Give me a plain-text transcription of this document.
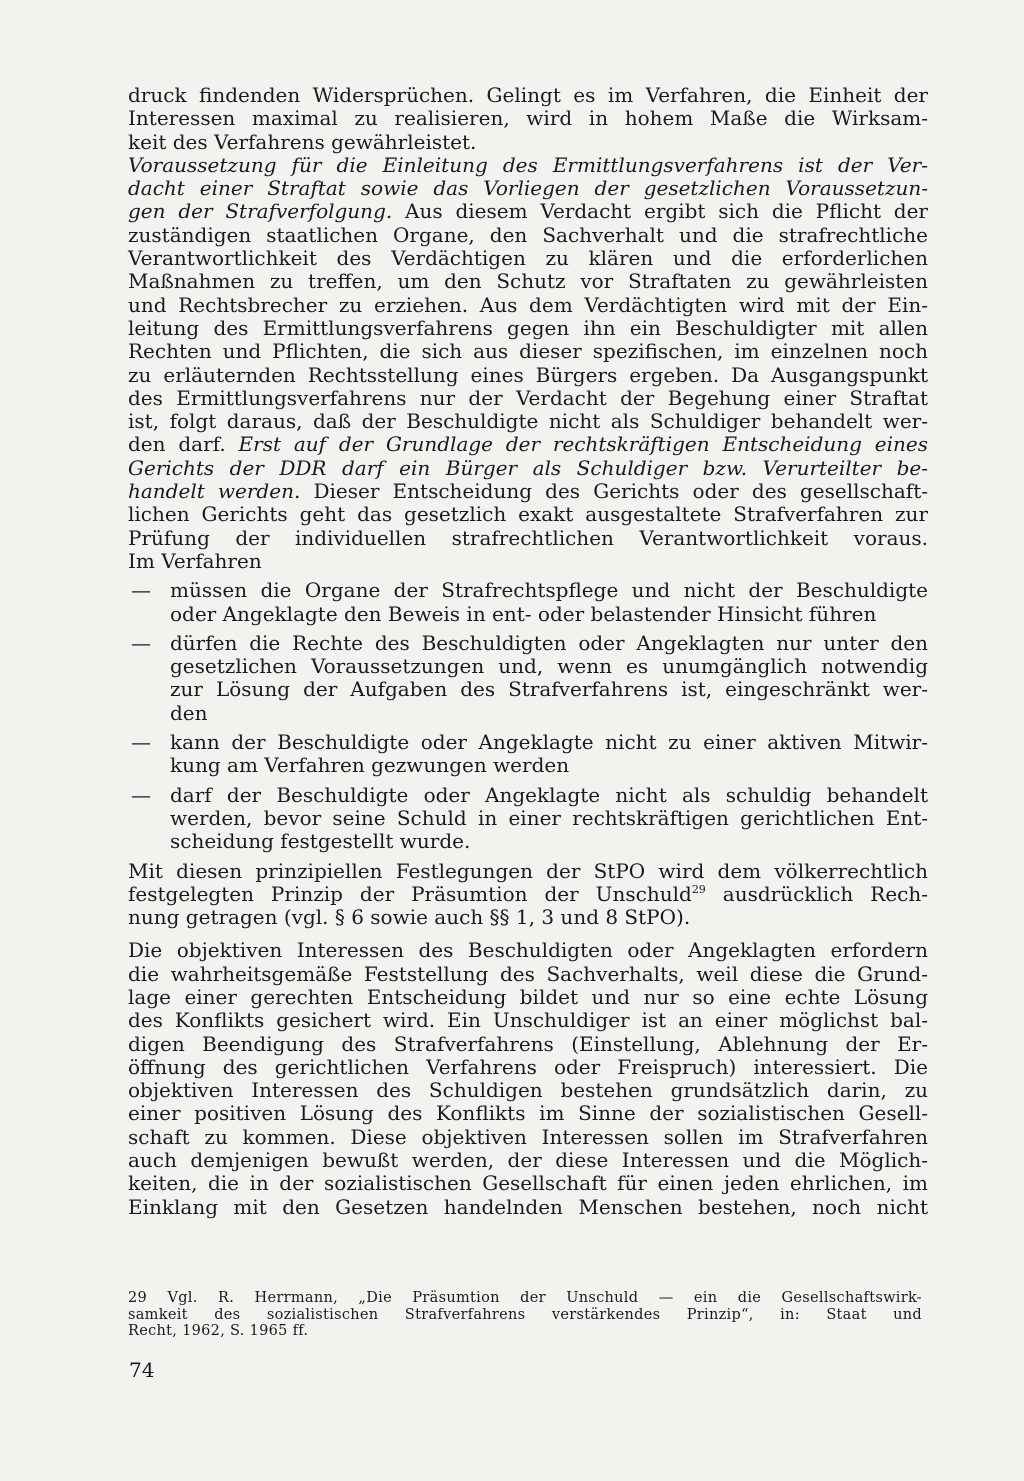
druck findenden Widersprüchen. Gelingt es im Verfahren, die Einheit der
Interessen maximal zu realisieren, wird in hohem Maße die Wirksam-
keit des Verfahrens gewährleistet.
Voraussetzung für die Einleitung des Ermittlungsverfahrens ist der Ver-
dacht einer Straftat sowie das Vorliegen der gesetzlichen Voraussetzun-
gen der Strafverfolgung. Aus diesem Verdacht ergibt sich die Pflicht der
zuständigen staatlichen Organe, den Sachverhalt und die strafrechtliche
Verantwortlichkeit des Verdächtigen zu klären und die erforderlichen
Maßnahmen zu treffen, um den Schutz vor Straftaten zu gewährleisten
und Rechtsbrecher zu erziehen. Aus dem Verdächtigten wird mit der Ein-
leitung des Ermittlungsverfahrens gegen ihn ein Beschuldigter mit allen
Rechten und Pflichten, die sich aus dieser spezifischen, im einzelnen noch
zu erläuternden Rechtsstellung eines Bürgers ergeben. Da Ausgangspunkt
des Ermittlungsverfahrens nur der Verdacht der Begehung einer Straftat
ist, folgt daraus, daß der Beschuldigte nicht als Schuldiger behandelt wer-
den darf. Erst auf der Grundlage der rechtskräftigen Entscheidung eines
Gerichts der DDR darf ein Bürger als Schuldiger bzw. Verurteilter be-
handelt werden. Dieser Entscheidung des Gerichts oder des gesellschaft-
lichen Gerichts geht das gesetzlich exakt ausgestaltete Strafverfahren zur
Prüfung der individuellen strafrechtlichen Verantwortlichkeit voraus.
Im Verfahren
— müssen die Organe der Strafrechtspflege und nicht der Beschuldigte
oder Angeklagte den Beweis in ent- oder belastender Hinsicht führen
— dürfen die Rechte des Beschuldigten oder Angeklagten nur unter den
gesetzlichen Voraussetzungen und, wenn es unumgänglich notwendig
zur Lösung der Aufgaben des Strafverfahrens ist, eingeschränkt wer-
den
— kann der Beschuldigte oder Angeklagte nicht zu einer aktiven Mitwir-
kung am Verfahren gezwungen werden
— darf der Beschuldigte oder Angeklagte nicht als schuldig behandelt
werden, bevor seine Schuld in einer rechtskräftigen gerichtlichen Ent-
scheidung festgestellt wurde.
Mit diesen prinzipiellen Festlegungen der StPO wird dem völkerrechtlich
festgelegten Prinzip der Präsumtion der Unschuld$^{29}$ ausdrücklich Rech-
nung getragen (vgl. § 6 sowie auch §§ 1, 3 und 8 StPO).
Die objektiven Interessen des Beschuldigten oder Angeklagten erfordern
die wahrheitsgemäße Feststellung des Sachverhalts, weil diese die Grund-
lage einer gerechten Entscheidung bildet und nur so eine echte Lösung
des Konflikts gesichert wird. Ein Unschuldiger ist an einer möglichst bal-
digen Beendigung des Strafverfahrens (Einstellung, Ablehnung der Er-
öffnung des gerichtlichen Verfahrens oder Freispruch) interessiert. Die
objektiven Interessen des Schuldigen bestehen grundsätzlich darin, zu
einer positiven Lösung des Konflikts im Sinne der sozialistischen Gesell-
schaft zu kommen. Diese objektiven Interessen sollen im Strafverfahren
auch demjenigen bewußt werden, der diese Interessen und die Möglich-
keiten, die in der sozialistischen Gesellschaft für einen jeden ehrlichen, im
Einklang mit den Gesetzen handelnden Menschen bestehen, noch nicht
29 Vgl. R. Herrmann, „Die Präsumtion der Unschuld — ein die Gesellschaftswirk-
samkeit des sozialistischen Strafverfahrens verstärkendes Prinzip“, in: Staat und
Recht, 1962, S. 1965 ff.
74
